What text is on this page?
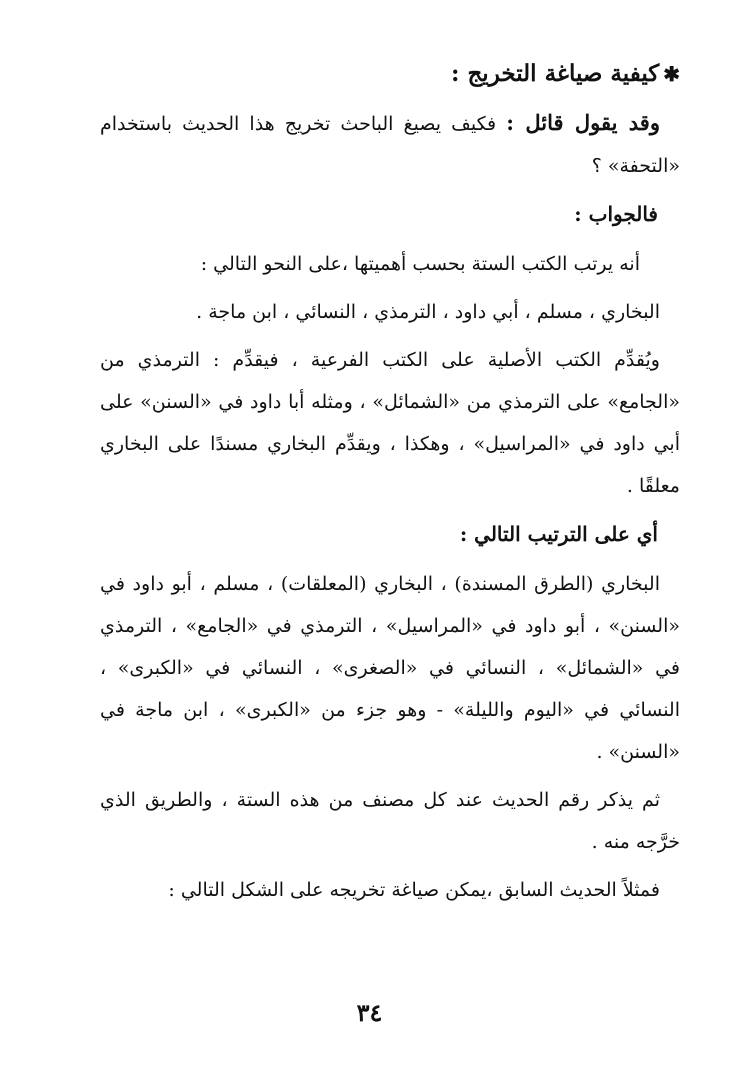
✱كيفية صياغة التخريج :

وقد يقول قائل : فكيف يصيغ الباحث تخريج هذا الحديث باستخدام «التحفة» ؟

فالجواب :

أنه يرتب الكتب الستة بحسب أهميتها ،على النحو التالي :

البخاري ، مسلم ، أبي داود ، الترمذي ، النسائي ، ابن ماجة .

ويُقدِّم الكتب الأصلية على الكتب الفرعية ، فيقدِّم : الترمذي من «الجامع» على الترمذي من «الشمائل» ، ومثله أبا داود في «السنن» على أبي داود في «المراسيل» ، وهكذا ، ويقدِّم البخاري مسندًا على البخاري معلقًا .

أي على الترتيب التالي :

البخاري (الطرق المسندة) ، البخاري (المعلقات) ، مسلم ، أبو داود في «السنن» ، أبو داود في «المراسيل» ، الترمذي في «الجامع» ، الترمذي في «الشمائل» ، النسائي في «الصغرى» ، النسائي في «الكبرى» ، النسائي في «اليوم والليلة» - وهو جزء من «الكبرى» ، ابن ماجة في «السنن» .

ثم يذكر رقم الحديث عند كل مصنف من هذه الستة ، والطريق الذي خرَّجه منه .

فمثلاً الحديث السابق ،يمكن صياغة تخريجه على الشكل التالي :

٣٤
